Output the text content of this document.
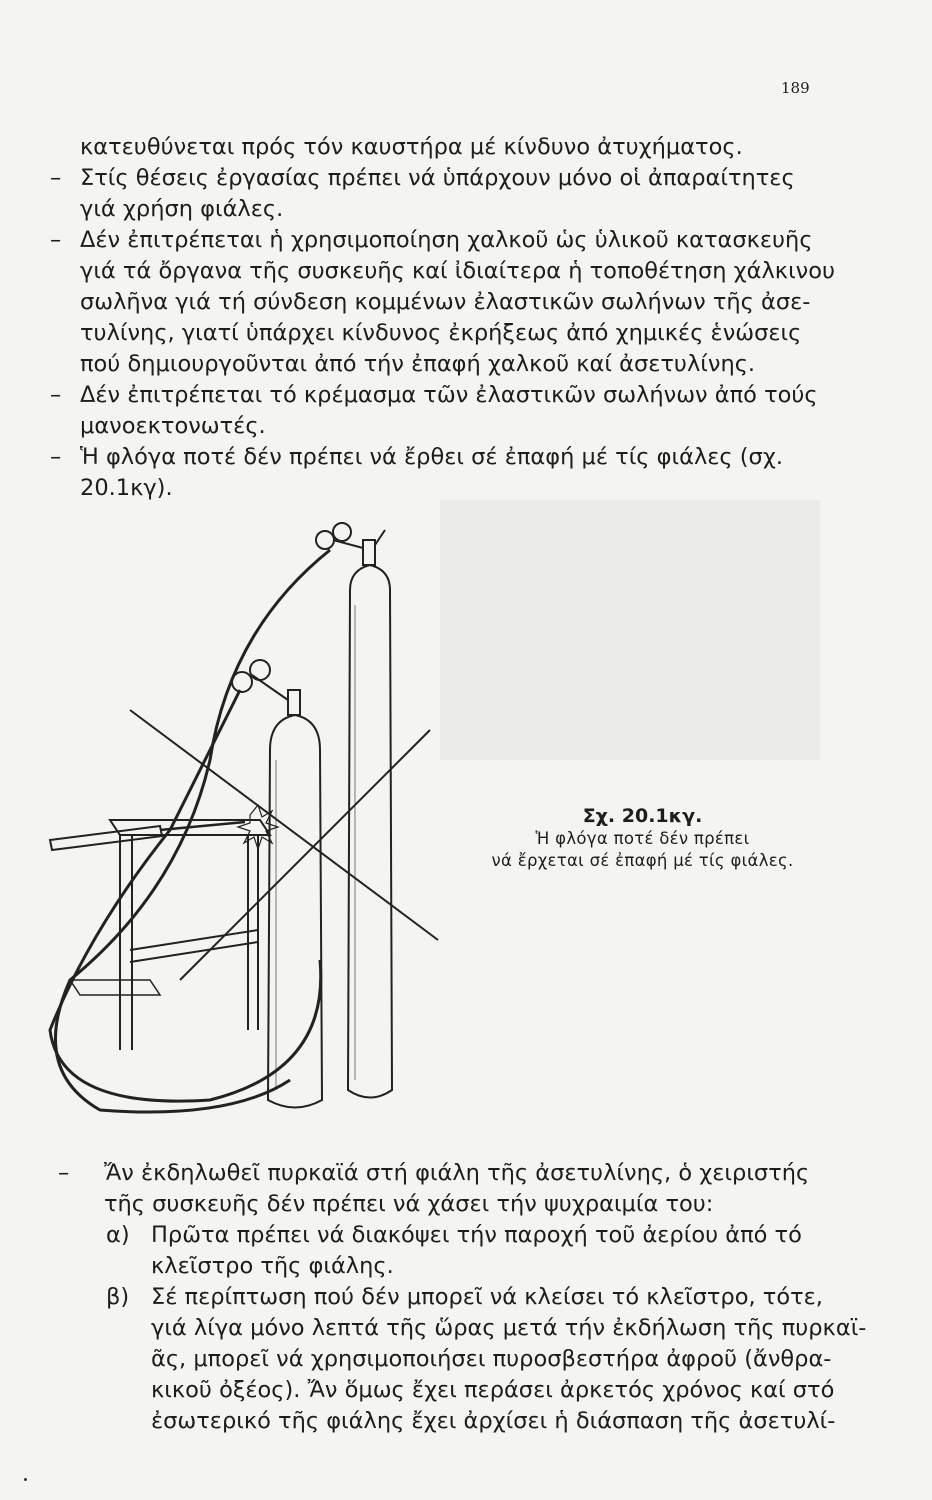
189
κατευθύνεται πρός τόν καυστήρα μέ κίνδυνο ἀτυχήματος.
– Στίς θέσεις ἐργασίας πρέπει νά ὑπάρχουν μόνο οἱ ἀπαραίτητες
γιά χρήση φιάλες.
– Δέν ἐπιτρέπεται ἡ χρησιμοποίηση χαλκοῦ ὡς ὑλικοῦ κατασκευῆς
γιά τά ὄργανα τῆς συσκευῆς καί ἰδιαίτερα ἡ τοποθέτηση χάλκινου
σωλῆνα γιά τή σύνδεση κομμένων ἐλαστικῶν σωλήνων τῆς ἀσε-
τυλίνης, γιατί ὑπάρχει κίνδυνος ἐκρήξεως ἀπό χημικές ἑνώσεις
πού δημιουργοῦνται ἀπό τήν ἐπαφή χαλκοῦ καί ἀσετυλίνης.
– Δέν ἐπιτρέπεται τό κρέμασμα τῶν ἐλαστικῶν σωλήνων ἀπό τούς
μανοεκτονωτές.
– Ἡ φλόγα ποτέ δέν πρέπει νά ἔρθει σέ ἐπαφή μέ τίς φιάλες (σχ.
20.1κγ).
Σχ. 20.1κγ.
Ἡ φλόγα ποτέ δέν πρέπει
νά ἔρχεται σέ ἐπαφή μέ τίς φιάλες.
– Ἄν ἐκδηλωθεῖ πυρκαϊά στή φιάλη τῆς ἀσετυλίνης, ὁ χειριστής
τῆς συσκευῆς δέν πρέπει νά χάσει τήν ψυχραιμία του:
α) Πρῶτα πρέπει νά διακόψει τήν παροχή τοῦ ἀερίου ἀπό τό
κλεῖστρο τῆς φιάλης.
β) Σέ περίπτωση πού δέν μπορεῖ νά κλείσει τό κλεῖστρο, τότε,
γιά λίγα μόνο λεπτά τῆς ὥρας μετά τήν ἐκδήλωση τῆς πυρκαϊ-
ᾶς, μπορεῖ νά χρησιμοποιήσει πυροσβεστήρα ἀφροῦ (ἄνθρα-
κικοῦ ὀξέος). Ἄν ὅμως ἔχει περάσει ἀρκετός χρόνος καί στό
ἐσωτερικό τῆς φιάλης ἔχει ἀρχίσει ἡ διάσπαση τῆς ἀσετυλί-
